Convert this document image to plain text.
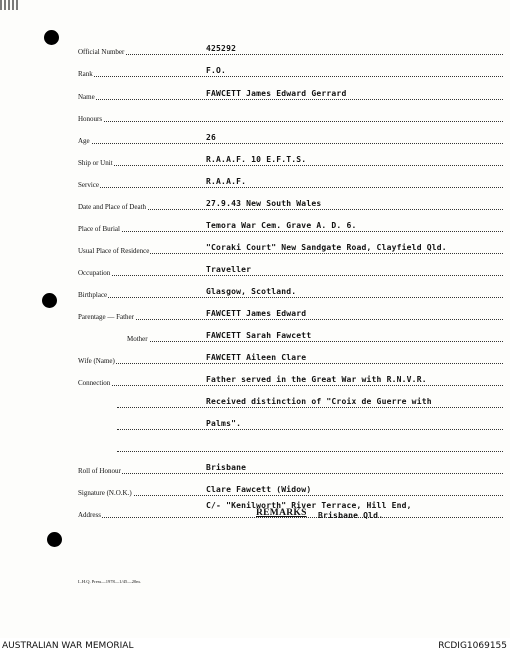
Official Number	425292
Rank	F.O.
Name	FAWCETT James Edward Gerrard
Honours
Age	26
Ship or Unit	R.A.A.F. 10 E.F.T.S.
Service	R.A.A.F.
Date and Place of Death	27.9.43 New South Wales
Place of Burial	Temora War Cem. Grave A. D. 6.
Usual Place of Residence	"Coraki Court" New Sandgate Road, Clayfield Qld.
Occupation	Traveller
Birthplace	Glasgow, Scotland.
Parentage — Father	FAWCETT James Edward
Mother	FAWCETT Sarah Fawcett
Wife (Name)	FAWCETT Aileen Clare
Connection	Father served in the Great War with R.N.V.R.
Received distinction of "Croix de Guerre with
Palms".
Roll of Honour	Brisbane
Signature (N.O.K.)	Clare Fawcett (Widow)
Address
C/- "Kenilworth" River Terrace, Hill End,
Brisbane Qld.
REMARKS
L.H.Q. Press—1978—1/45—20m.
AUSTRALIAN WAR MEMORIAL	RCDIG1069155
